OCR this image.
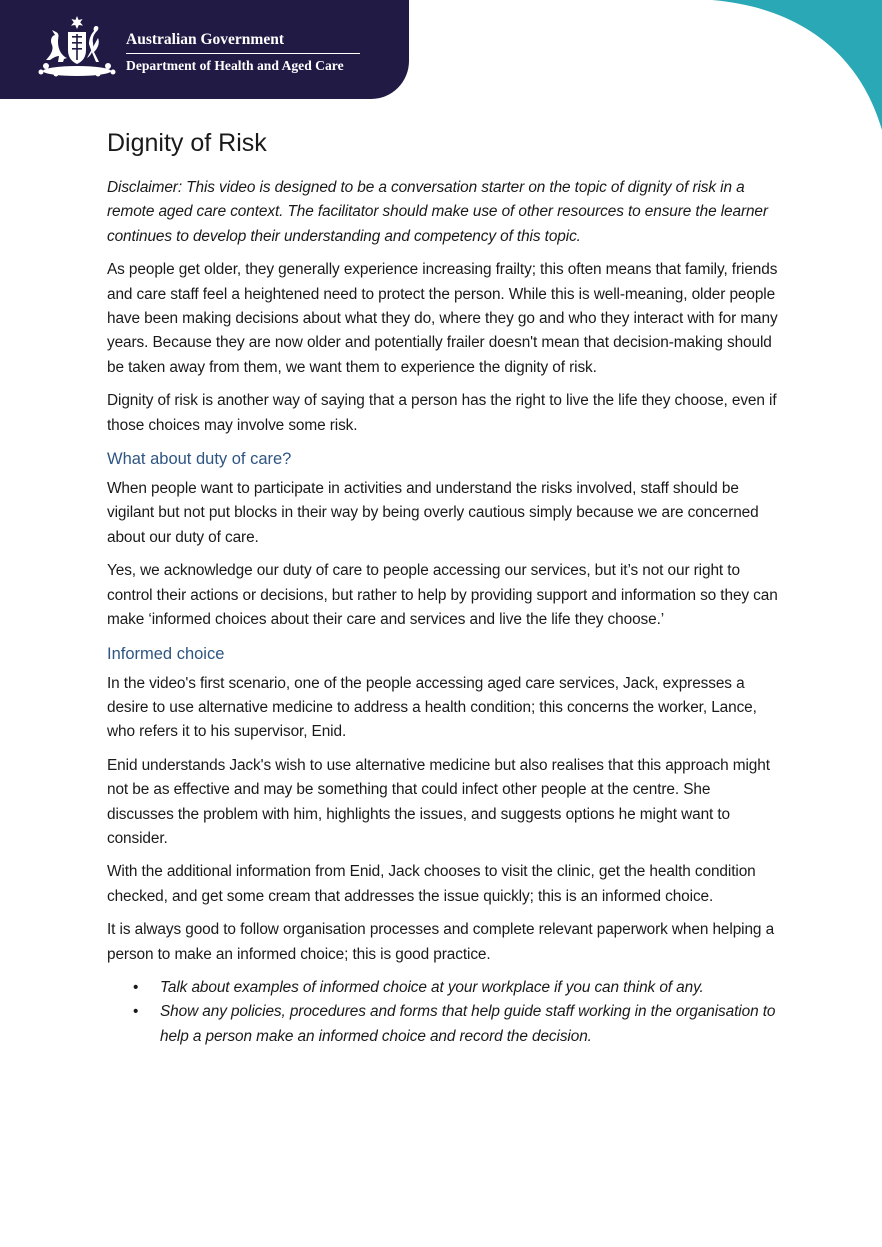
Australian Government
Department of Health and Aged Care
Dignity of Risk

Disclaimer: This video is designed to be a conversation starter on the topic of dignity of risk in a remote aged care context. The facilitator should make use of other resources to ensure the learner continues to develop their understanding and competency of this topic.

As people get older, they generally experience increasing frailty; this often means that family, friends and care staff feel a heightened need to protect the person. While this is well-meaning, older people have been making decisions about what they do, where they go and who they interact with for many years. Because they are now older and potentially frailer doesn't mean that decision-making should be taken away from them, we want them to experience the dignity of risk.

Dignity of risk is another way of saying that a person has the right to live the life they choose, even if those choices may involve some risk.

What about duty of care?

When people want to participate in activities and understand the risks involved, staff should be vigilant but not put blocks in their way by being overly cautious simply because we are concerned about our duty of care.

Yes, we acknowledge our duty of care to people accessing our services, but it’s not our right to control their actions or decisions, but rather to help by providing support and information so they can make ‘informed choices about their care and services and live the life they choose.’

Informed choice

In the video's first scenario, one of the people accessing aged care services, Jack, expresses a desire to use alternative medicine to address a health condition; this concerns the worker, Lance, who refers it to his supervisor, Enid.

Enid understands Jack's wish to use alternative medicine but also realises that this approach might not be as effective and may be something that could infect other people at the centre. She discusses the problem with him, highlights the issues, and suggests options he might want to consider.

With the additional information from Enid, Jack chooses to visit the clinic, get the health condition checked, and get some cream that addresses the issue quickly; this is an informed choice.

It is always good to follow organisation processes and complete relevant paperwork when helping a person to make an informed choice; this is good practice.

• Talk about examples of informed choice at your workplace if you can think of any.
• Show any policies, procedures and forms that help guide staff working in the organisation to help a person make an informed choice and record the decision.
